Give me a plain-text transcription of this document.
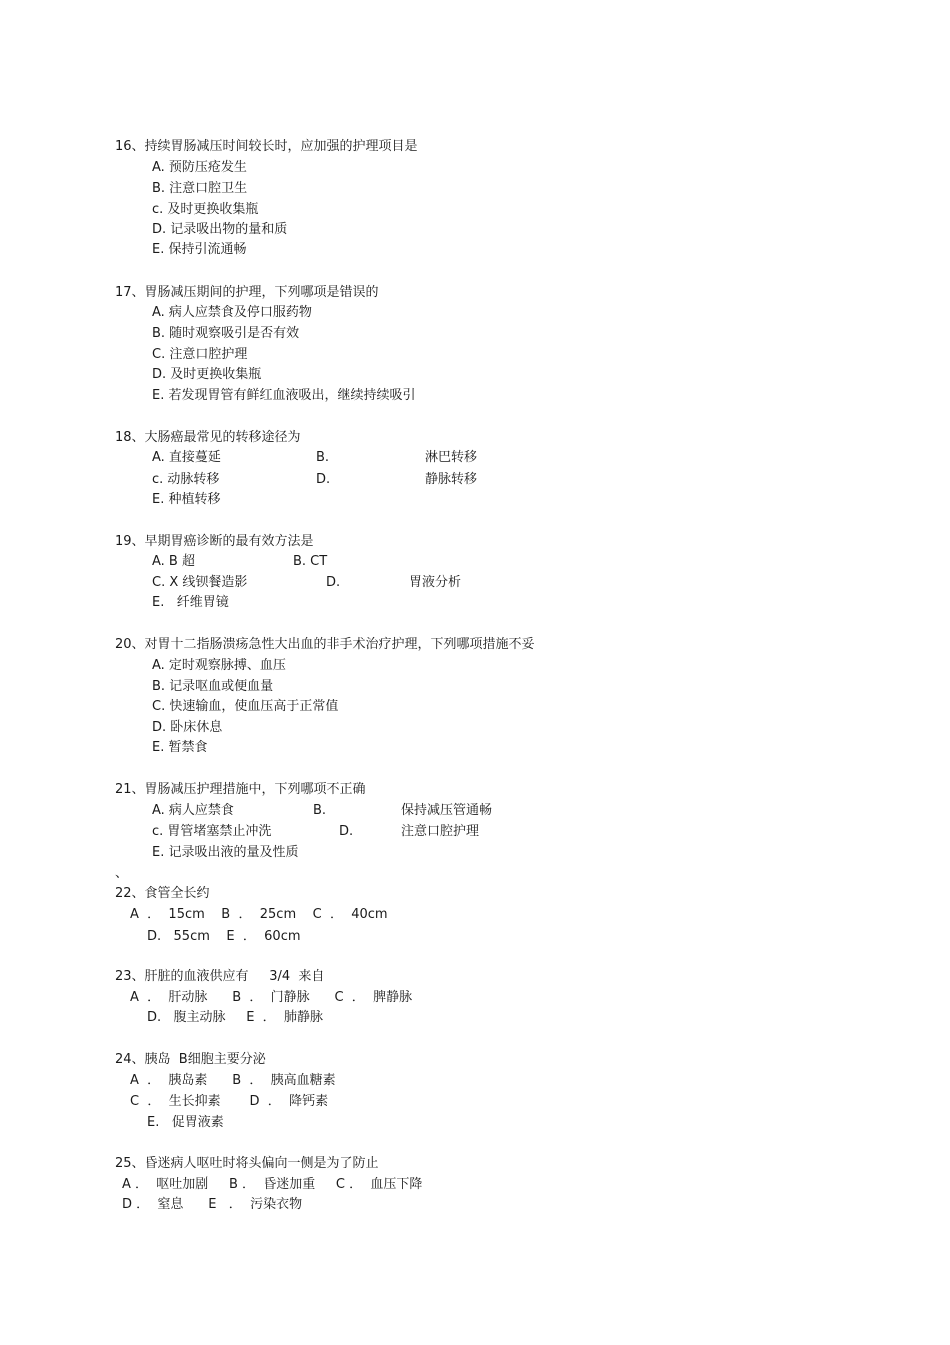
16、持续胃肠减压时间较长时，应加强的护理项目是
A. 预防压疮发生
B. 注意口腔卫生
c. 及时更换收集瓶
D. 记录吸出物的量和质
E. 保持引流通畅
17、胃肠减压期间的护理，下列哪项是错误的
A. 病人应禁食及停口服药物
B. 随时观察吸引是否有效
C. 注意口腔护理
D. 及时更换收集瓶
E. 若发现胃管有鲜红血液吸出，继续持续吸引
18、大肠癌最常见的转移途径为
A. 直接蔓延	B.	淋巴转移
c. 动脉转移	D.	静脉转移
E. 种植转移
19、早期胃癌诊断的最有效方法是
A. B 超	B. CT
C. X 线钡餐造影	D.	胃液分析
E.   纤维胃镜
20、对胃十二指肠溃疡急性大出血的非手术治疗护理，下列哪项措施不妥
A. 定时观察脉搏、血压
B. 记录呕血或便血量
C. 快速输血，使血压高于正常值
D. 卧床休息
E. 暂禁食
21、胃肠减压护理措施中，下列哪项不正确
A. 病人应禁食	B.	保持减压管通畅
c. 胃管堵塞禁止冲洗	D.	注意口腔护理
E. 记录吸出液的量及性质
、
22、食管全长约
A  ．  15cm    B  ．  25cm    C  ．  40cm
D.   55cm    E  ．  60cm
23、肝脏的血液供应有     3/4  来自
A  ．  肝动脉      B  ．  门静脉      C  ．  脾静脉
D.   腹主动脉     E  ．  肺静脉
24、胰岛  B细胞主要分泌
A  ．  胰岛素      B  ．  胰高血糖素
C  ．  生长抑素       D  ．  降钙素
E.   促胃液素
25、昏迷病人呕吐时将头偏向一侧是为了防止
A ．  呕吐加剧     B ．  昏迷加重     C ．  血压下降
D ．  窒息      E   ．  污染衣物
